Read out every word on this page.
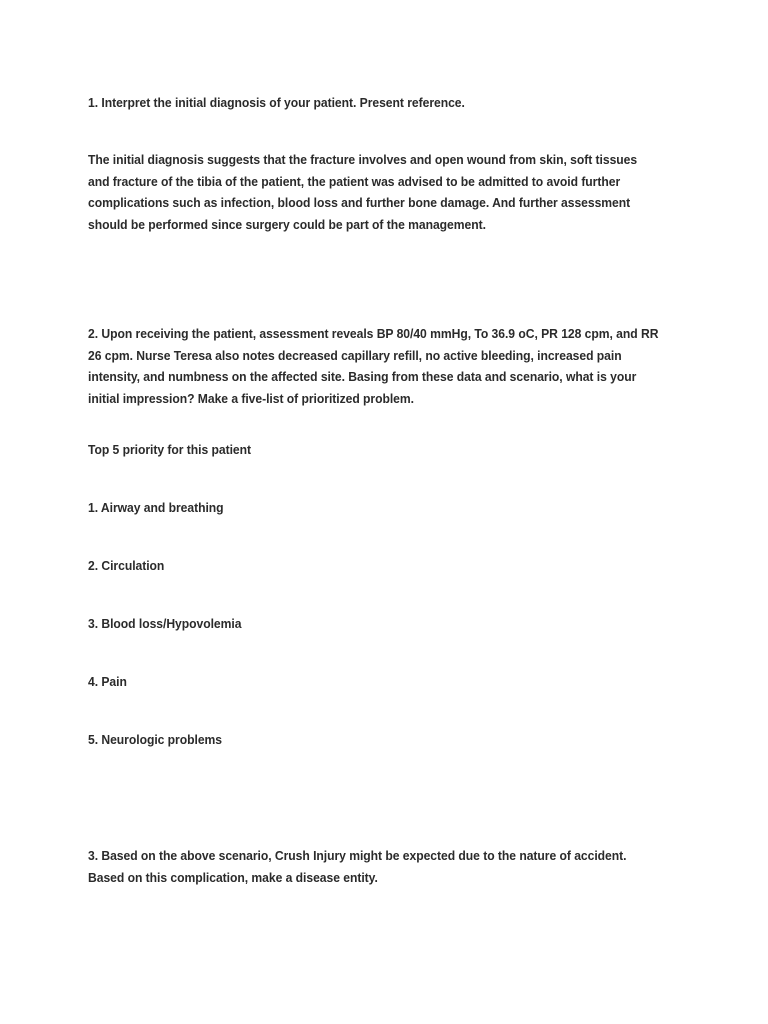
1. Interpret the initial diagnosis of your patient. Present reference.
The initial diagnosis suggests that the fracture involves and open wound from skin, soft tissues and fracture of the tibia of the patient, the patient was advised to be admitted to avoid further complications such as infection, blood loss and further bone damage. And further assessment should be performed since surgery could be part of the management.
2. Upon receiving the patient, assessment reveals BP 80/40 mmHg, To 36.9 oC, PR 128 cpm, and RR 26 cpm. Nurse Teresa also notes decreased capillary refill, no active bleeding, increased pain intensity, and numbness on the affected site. Basing from these data and scenario, what is your initial impression? Make a five-list of prioritized problem.
Top 5 priority for this patient
1. Airway and breathing
2. Circulation
3. Blood loss/Hypovolemia
4. Pain
5. Neurologic problems
3. Based on the above scenario, Crush Injury might be expected due to the nature of accident. Based on this complication, make a disease entity.
